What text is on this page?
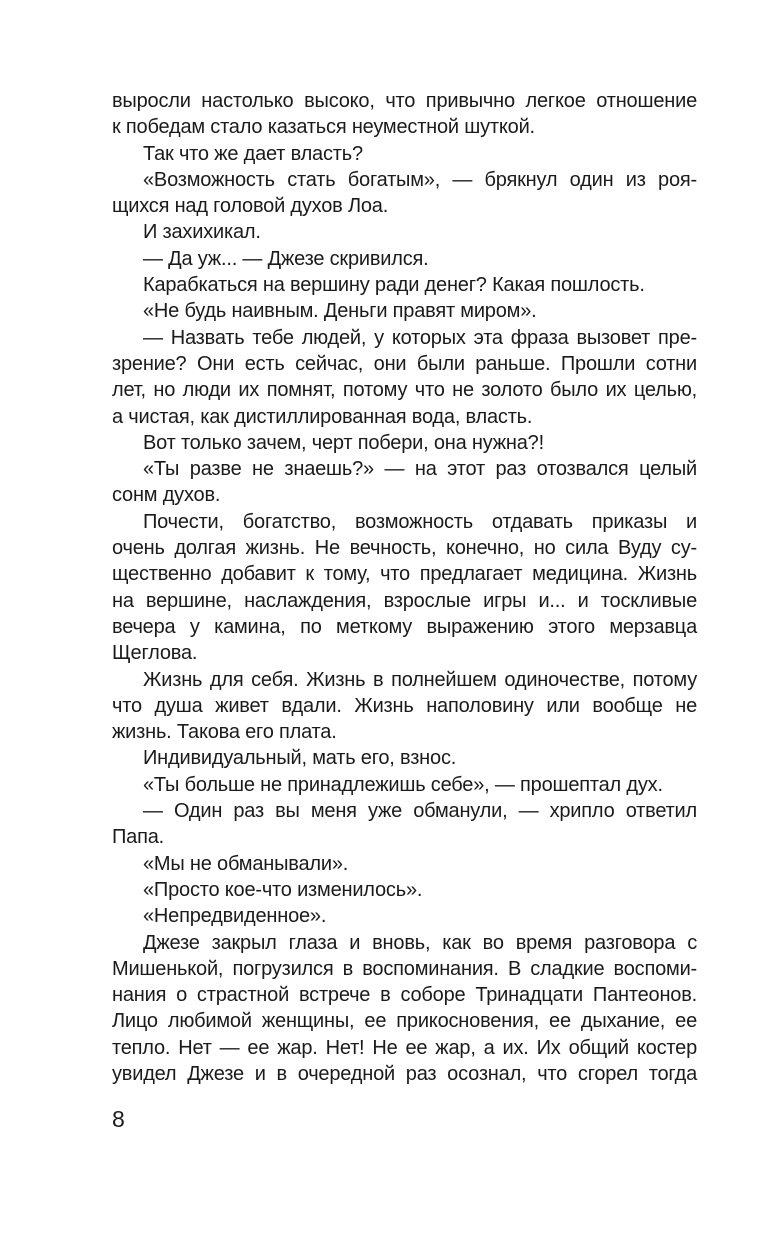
выросли настолько высоко, что привычно легкое отношение
к победам стало казаться неуместной шуткой.
Так что же дает власть?
«Возможность стать богатым», — брякнул один из роя-
щихся над головой духов Лоа.
И захихикал.
— Да уж... — Джезе скривился.
Карабкаться на вершину ради денег? Какая пошлость.
«Не будь наивным. Деньги правят миром».
— Назвать тебе людей, у которых эта фраза вызовет пре-
зрение? Они есть сейчас, они были раньше. Прошли сотни
лет, но люди их помнят, потому что не золото было их целью,
а чистая, как дистиллированная вода, власть.
Вот только зачем, черт побери, она нужна?!
«Ты разве не знаешь?» — на этот раз отозвался целый
сонм духов.
Почести, богатство, возможность отдавать приказы и
очень долгая жизнь. Не вечность, конечно, но сила Вуду су-
щественно добавит к тому, что предлагает медицина. Жизнь
на вершине, наслаждения, взрослые игры и... и тоскливые
вечера у камина, по меткому выражению этого мерзавца
Щеглова.
Жизнь для себя. Жизнь в полнейшем одиночестве, потому
что душа живет вдали. Жизнь наполовину или вообще не
жизнь. Такова его плата.
Индивидуальный, мать его, взнос.
«Ты больше не принадлежишь себе», — прошептал дух.
— Один раз вы меня уже обманули, — хрипло ответил
Папа.
«Мы не обманывали».
«Просто кое-что изменилось».
«Непредвиденное».
Джезе закрыл глаза и вновь, как во время разговора с
Мишенькой, погрузился в воспоминания. В сладкие воспоми-
нания о страстной встрече в соборе Тринадцати Пантеонов.
Лицо любимой женщины, ее прикосновения, ее дыхание, ее
тепло. Нет — ее жар. Нет! Не ее жар, а их. Их общий костер
увидел Джезе и в очередной раз осознал, что сгорел тогда
8
